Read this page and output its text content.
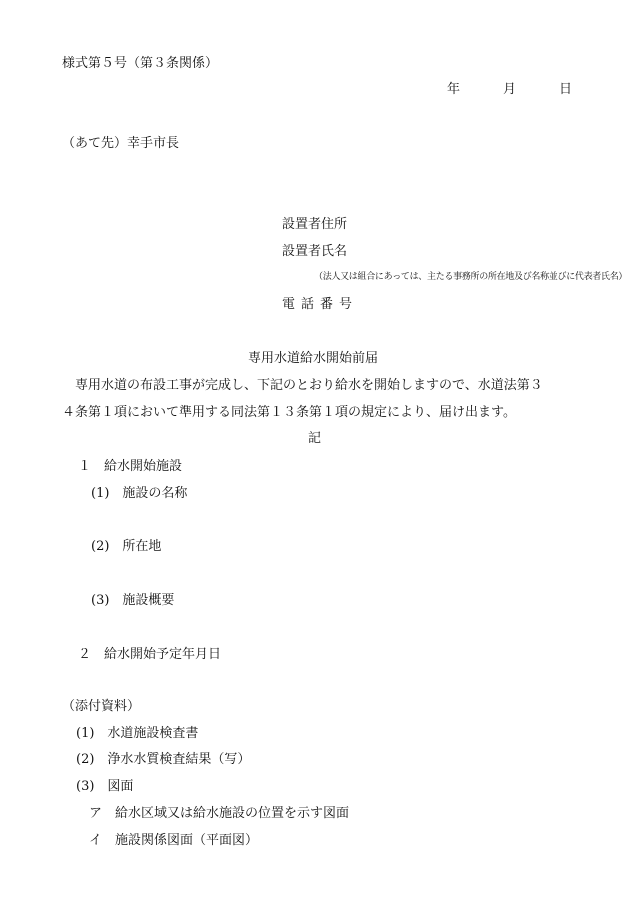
様式第５号（第３条関係）
年	月	日
（あて先）幸手市長
設置者住所
設置者氏名
（法人又は組合にあっては、主たる事務所の所在地及び名称並びに代表者氏名）
電話番号
専用水道給水開始前届
専用水道の布設工事が完成し、下記のとおり給水を開始しますので、水道法第３
４条第１項において準用する同法第１３条第１項の規定により、届け出ます。
記
１　給水開始施設
(1)　施設の名称
(2)　所在地
(3)　施設概要
２　給水開始予定年月日
（添付資料）
(1)　水道施設検査書
(2)　浄水水質検査結果（写）
(3)　図面
ア　給水区域又は給水施設の位置を示す図面
イ　施設関係図面（平面図）
